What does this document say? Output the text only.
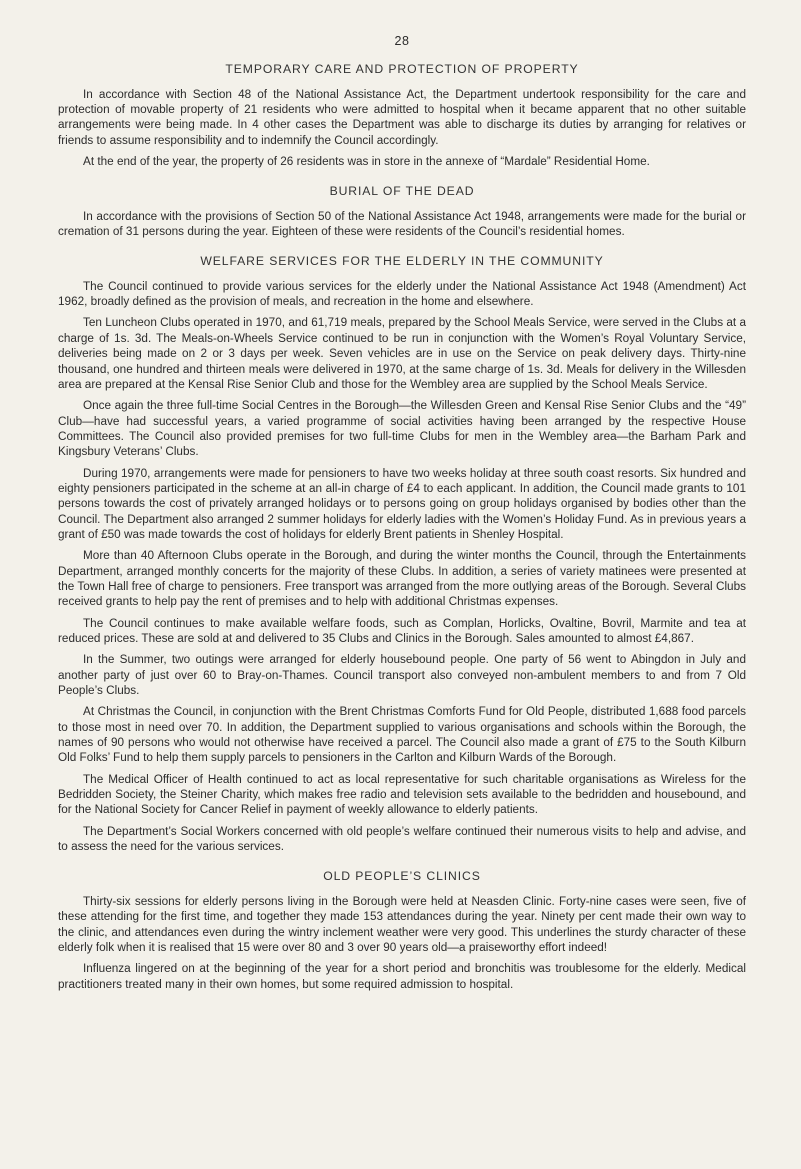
28
TEMPORARY CARE AND PROTECTION OF PROPERTY

In accordance with Section 48 of the National Assistance Act, the Department undertook responsibility for the care and protection of movable property of 21 residents who were admitted to hospital when it became apparent that no other suitable arrangements were being made. In 4 other cases the Department was able to discharge its duties by arranging for relatives or friends to assume responsibility and to indemnify the Council accordingly.

At the end of the year, the property of 26 residents was in store in the annexe of “Mardale” Residential Home.

BURIAL OF THE DEAD

In accordance with the provisions of Section 50 of the National Assistance Act 1948, arrangements were made for the burial or cremation of 31 persons during the year. Eighteen of these were residents of the Council’s residential homes.

WELFARE SERVICES FOR THE ELDERLY IN THE COMMUNITY

The Council continued to provide various services for the elderly under the National Assistance Act 1948 (Amendment) Act 1962, broadly defined as the provision of meals, and recreation in the home and elsewhere.

Ten Luncheon Clubs operated in 1970, and 61,719 meals, prepared by the School Meals Service, were served in the Clubs at a charge of 1s. 3d. The Meals-on-Wheels Service continued to be run in conjunction with the Women’s Royal Voluntary Service, deliveries being made on 2 or 3 days per week. Seven vehicles are in use on the Service on peak delivery days. Thirty-nine thousand, one hundred and thirteen meals were delivered in 1970, at the same charge of 1s. 3d. Meals for delivery in the Willesden area are prepared at the Kensal Rise Senior Club and those for the Wembley area are supplied by the School Meals Service.

Once again the three full-time Social Centres in the Borough—the Willesden Green and Kensal Rise Senior Clubs and the “49” Club—have had successful years, a varied programme of social activities having been arranged by the respective House Committees. The Council also provided premises for two full-time Clubs for men in the Wembley area—the Barham Park and Kingsbury Veterans’ Clubs.

During 1970, arrangements were made for pensioners to have two weeks holiday at three south coast resorts. Six hundred and eighty pensioners participated in the scheme at an all-in charge of £4 to each applicant. In addition, the Council made grants to 101 persons towards the cost of privately arranged holidays or to persons going on group holidays organised by bodies other than the Council. The Department also arranged 2 summer holidays for elderly ladies with the Women’s Holiday Fund. As in previous years a grant of £50 was made towards the cost of holidays for elderly Brent patients in Shenley Hospital.

More than 40 Afternoon Clubs operate in the Borough, and during the winter months the Council, through the Entertainments Department, arranged monthly concerts for the majority of these Clubs. In addition, a series of variety matinees were presented at the Town Hall free of charge to pensioners. Free transport was arranged from the more outlying areas of the Borough. Several Clubs received grants to help pay the rent of premises and to help with additional Christmas expenses.

The Council continues to make available welfare foods, such as Complan, Horlicks, Ovaltine, Bovril, Marmite and tea at reduced prices. These are sold at and delivered to 35 Clubs and Clinics in the Borough. Sales amounted to almost £4,867.

In the Summer, two outings were arranged for elderly housebound people. One party of 56 went to Abingdon in July and another party of just over 60 to Bray-on-Thames. Council transport also conveyed non-ambulent members to and from 7 Old People’s Clubs.

At Christmas the Council, in conjunction with the Brent Christmas Comforts Fund for Old People, distributed 1,688 food parcels to those most in need over 70. In addition, the Department supplied to various organisations and schools within the Borough, the names of 90 persons who would not otherwise have received a parcel. The Council also made a grant of £75 to the South Kilburn Old Folks’ Fund to help them supply parcels to pensioners in the Carlton and Kilburn Wards of the Borough.

The Medical Officer of Health continued to act as local representative for such charitable organisations as Wireless for the Bedridden Society, the Steiner Charity, which makes free radio and television sets available to the bedridden and housebound, and for the National Society for Cancer Relief in payment of weekly allowance to elderly patients.

The Department’s Social Workers concerned with old people’s welfare continued their numerous visits to help and advise, and to assess the need for the various services.

OLD PEOPLE’S CLINICS

Thirty-six sessions for elderly persons living in the Borough were held at Neasden Clinic. Forty-nine cases were seen, five of these attending for the first time, and together they made 153 attendances during the year. Ninety per cent made their own way to the clinic, and attendances even during the wintry inclement weather were very good. This underlines the sturdy character of these elderly folk when it is realised that 15 were over 80 and 3 over 90 years old—a praiseworthy effort indeed!

Influenza lingered on at the beginning of the year for a short period and bronchitis was troublesome for the elderly. Medical practitioners treated many in their own homes, but some required admission to hospital.
